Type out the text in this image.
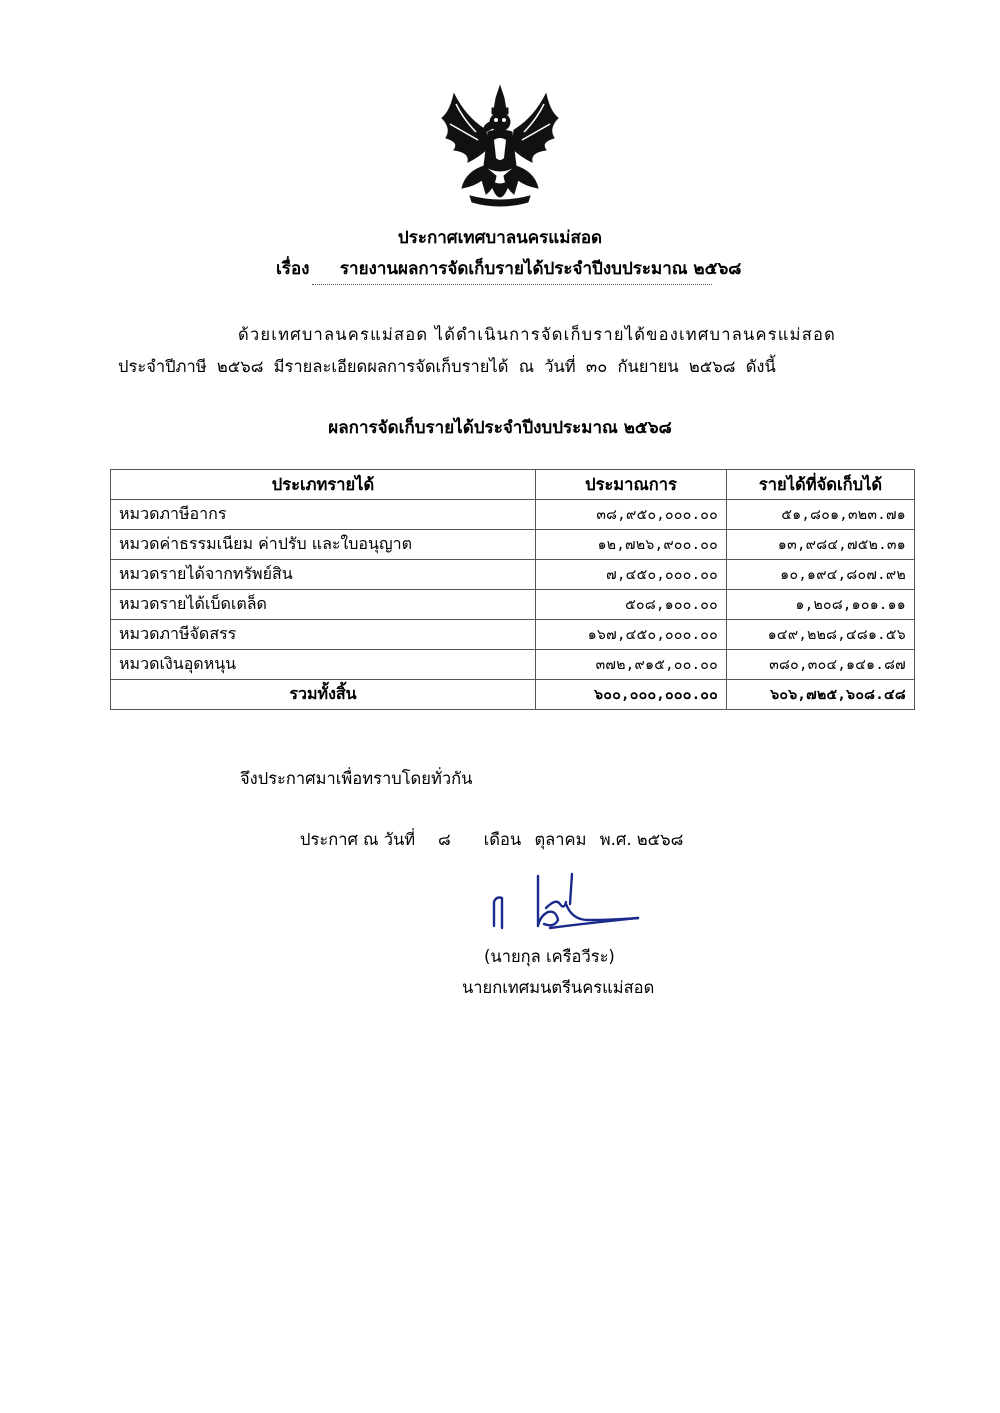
ประกาศเทศบาลนครแม่สอด
เรื่อง รายงานผลการจัดเก็บรายได้ประจำปีงบประมาณ ๒๕๖๘
ด้วยเทศบาลนครแม่สอด ได้ดำเนินการจัดเก็บรายได้ของเทศบาลนครแม่สอด
ประจำปีภาษี ๒๕๖๘ มีรายละเอียดผลการจัดเก็บรายได้ ณ วันที่ ๓๐ กันยายน ๒๕๖๘ ดังนี้
ผลการจัดเก็บรายได้ประจำปีงบประมาณ ๒๕๖๘
ประเภทรายได้	ประมาณการ	รายได้ที่จัดเก็บได้
หมวดภาษีอากร	๓๘,๙๕๐,๐๐๐.๐๐	๕๑,๘๐๑,๓๒๓.๗๑
หมวดค่าธรรมเนียม ค่าปรับ และใบอนุญาต	๑๒,๗๒๖,๙๐๐.๐๐	๑๓,๙๘๔,๗๕๒.๓๑
หมวดรายได้จากทรัพย์สิน	๗,๔๕๐,๐๐๐.๐๐	๑๐,๑๙๔,๘๐๗.๙๒
หมวดรายได้เบ็ดเตล็ด	๕๐๘,๑๐๐.๐๐	๑,๒๐๘,๑๐๑.๑๑
หมวดภาษีจัดสรร	๑๖๗,๔๕๐,๐๐๐.๐๐	๑๔๙,๒๒๘,๔๘๑.๕๖
หมวดเงินอุดหนุน	๓๗๒,๙๑๕,๐๐.๐๐	๓๘๐,๓๐๔,๑๔๑.๘๗
รวมทั้งสิ้น	๖๐๐,๐๐๐,๐๐๐.๐๐	๖๐๖,๗๒๕,๖๐๘.๔๘
จึงประกาศมาเพื่อทราบโดยทั่วกัน
ประกาศ ณ วันที่ ๘ เดือน ตุลาคม พ.ศ. ๒๕๖๘
(นายกุล เครือวีระ)
นายกเทศมนตรีนครแม่สอด
